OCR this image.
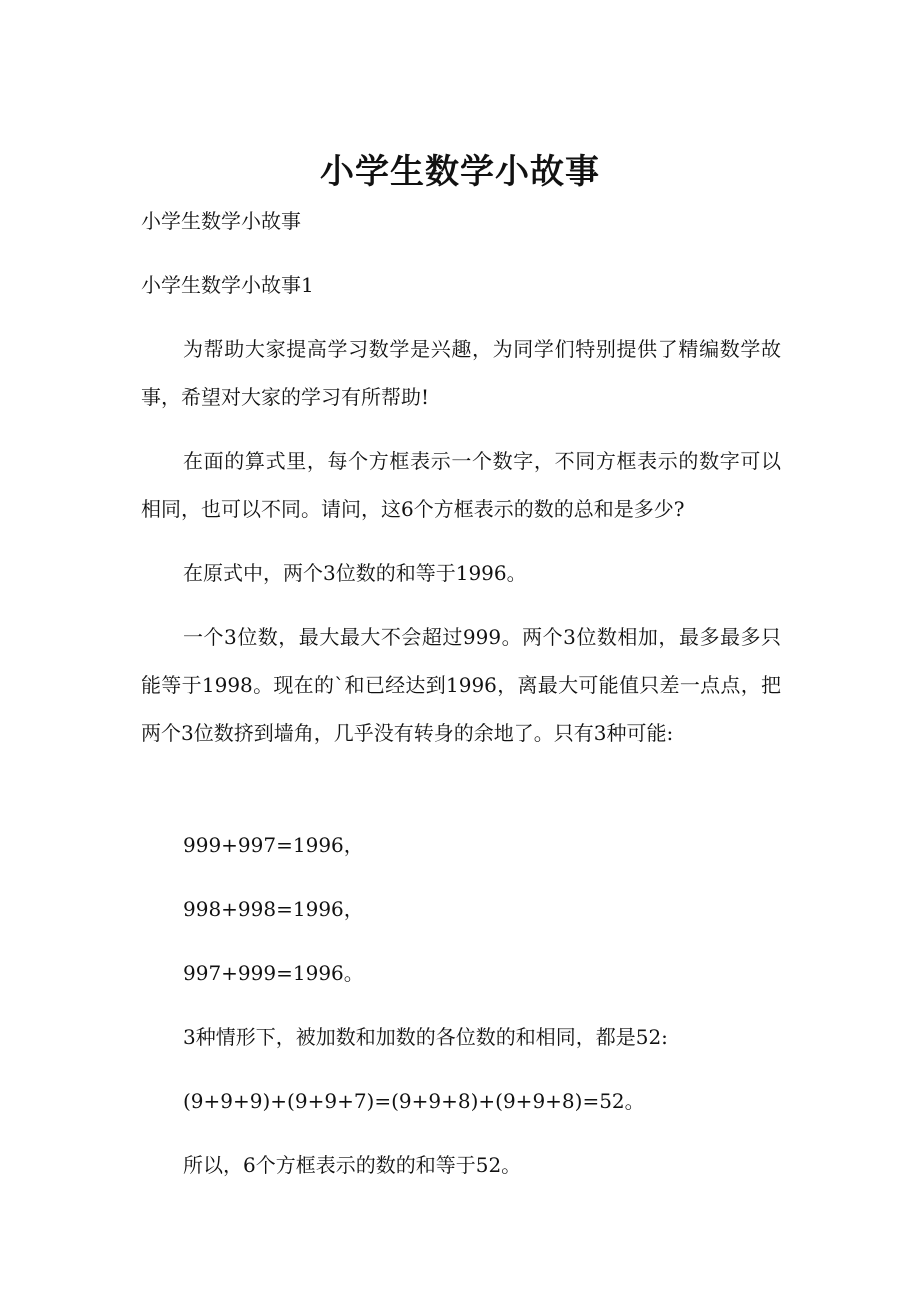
小学生数学小故事
小学生数学小故事
小学生数学小故事1
为帮助大家提高学习数学是兴趣，为同学们特别提供了精编数学故事，希望对大家的学习有所帮助!
在面的算式里，每个方框表示一个数字，不同方框表示的数字可以相同，也可以不同。请问，这6个方框表示的数的总和是多少?
在原式中，两个3位数的和等于1996。
一个3位数，最大最大不会超过999。两个3位数相加，最多最多只能等于1998。现在的`和已经达到1996，离最大可能值只差一点点，把两个3位数挤到墙角，几乎没有转身的余地了。只有3种可能:
999+997=1996，
998+998=1996，
997+999=1996。
3种情形下，被加数和加数的各位数的和相同，都是52:
(9+9+9)+(9+9+7)=(9+9+8)+(9+9+8)=52。
所以，6个方框表示的数的和等于52。
